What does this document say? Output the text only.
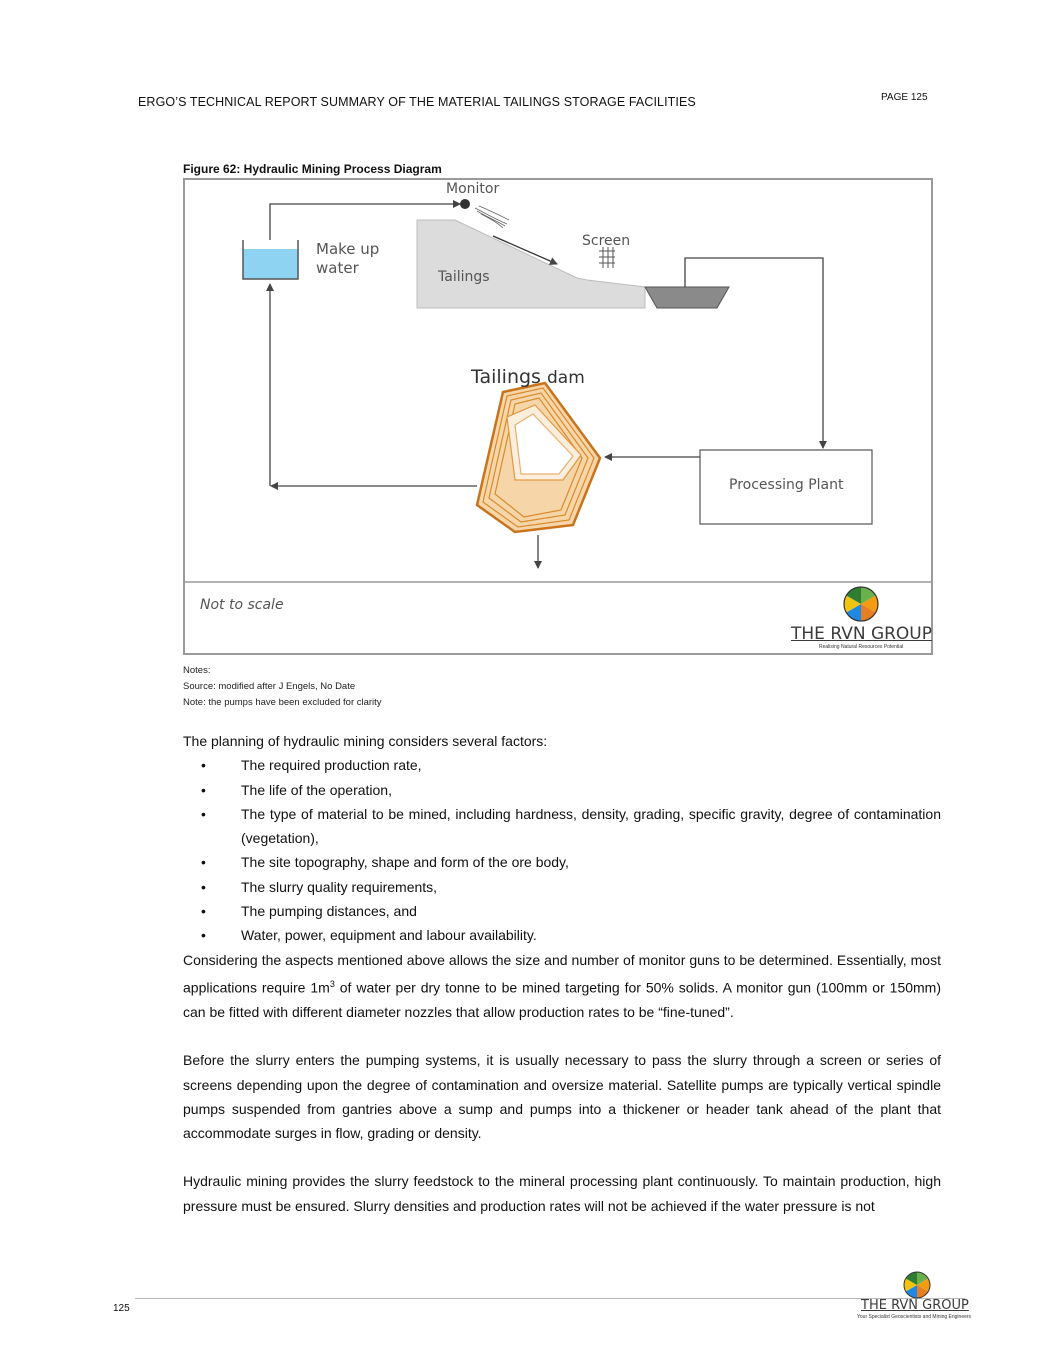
ERGO’S TECHNICAL REPORT SUMMARY OF THE MATERIAL TAILINGS STORAGE FACILITIES	PAGE 125
Figure 62: Hydraulic Mining Process Diagram
Monitor
Screen
Make up
water	Tailings
Tailings dam
Processing Plant
Not to scale
THE RVN GROUP
Realising Natural Resources Potential
Notes:
Source: modified after J Engels, No Date
Note: the pumps have been excluded for clarity
The planning of hydraulic mining considers several factors:
• The required production rate,
• The life of the operation,
• The type of material to be mined, including hardness, density, grading, specific gravity, degree of contamination (vegetation),
• The site topography, shape and form of the ore body,
• The slurry quality requirements,
• The pumping distances, and
• Water, power, equipment and labour availability.
Considering the aspects mentioned above allows the size and number of monitor guns to be determined. Essentially, most applications require $1m^3$ of water per dry tonne to be mined targeting for 50% solids. A monitor gun (100mm or 150mm) can be fitted with different diameter nozzles that allow production rates to be “fine-tuned”.
Before the slurry enters the pumping systems, it is usually necessary to pass the slurry through a screen or series of screens depending upon the degree of contamination and oversize material. Satellite pumps are typically vertical spindle pumps suspended from gantries above a sump and pumps into a thickener or header tank ahead of the plant that accommodate surges in flow, grading or density.
Hydraulic mining provides the slurry feedstock to the mineral processing plant continuously. To maintain production, high pressure must be ensured. Slurry densities and production rates will not be achieved if the water pressure is not
125	THE RVN GROUP
Your Specialist Geoscientists and Mining Engineers
